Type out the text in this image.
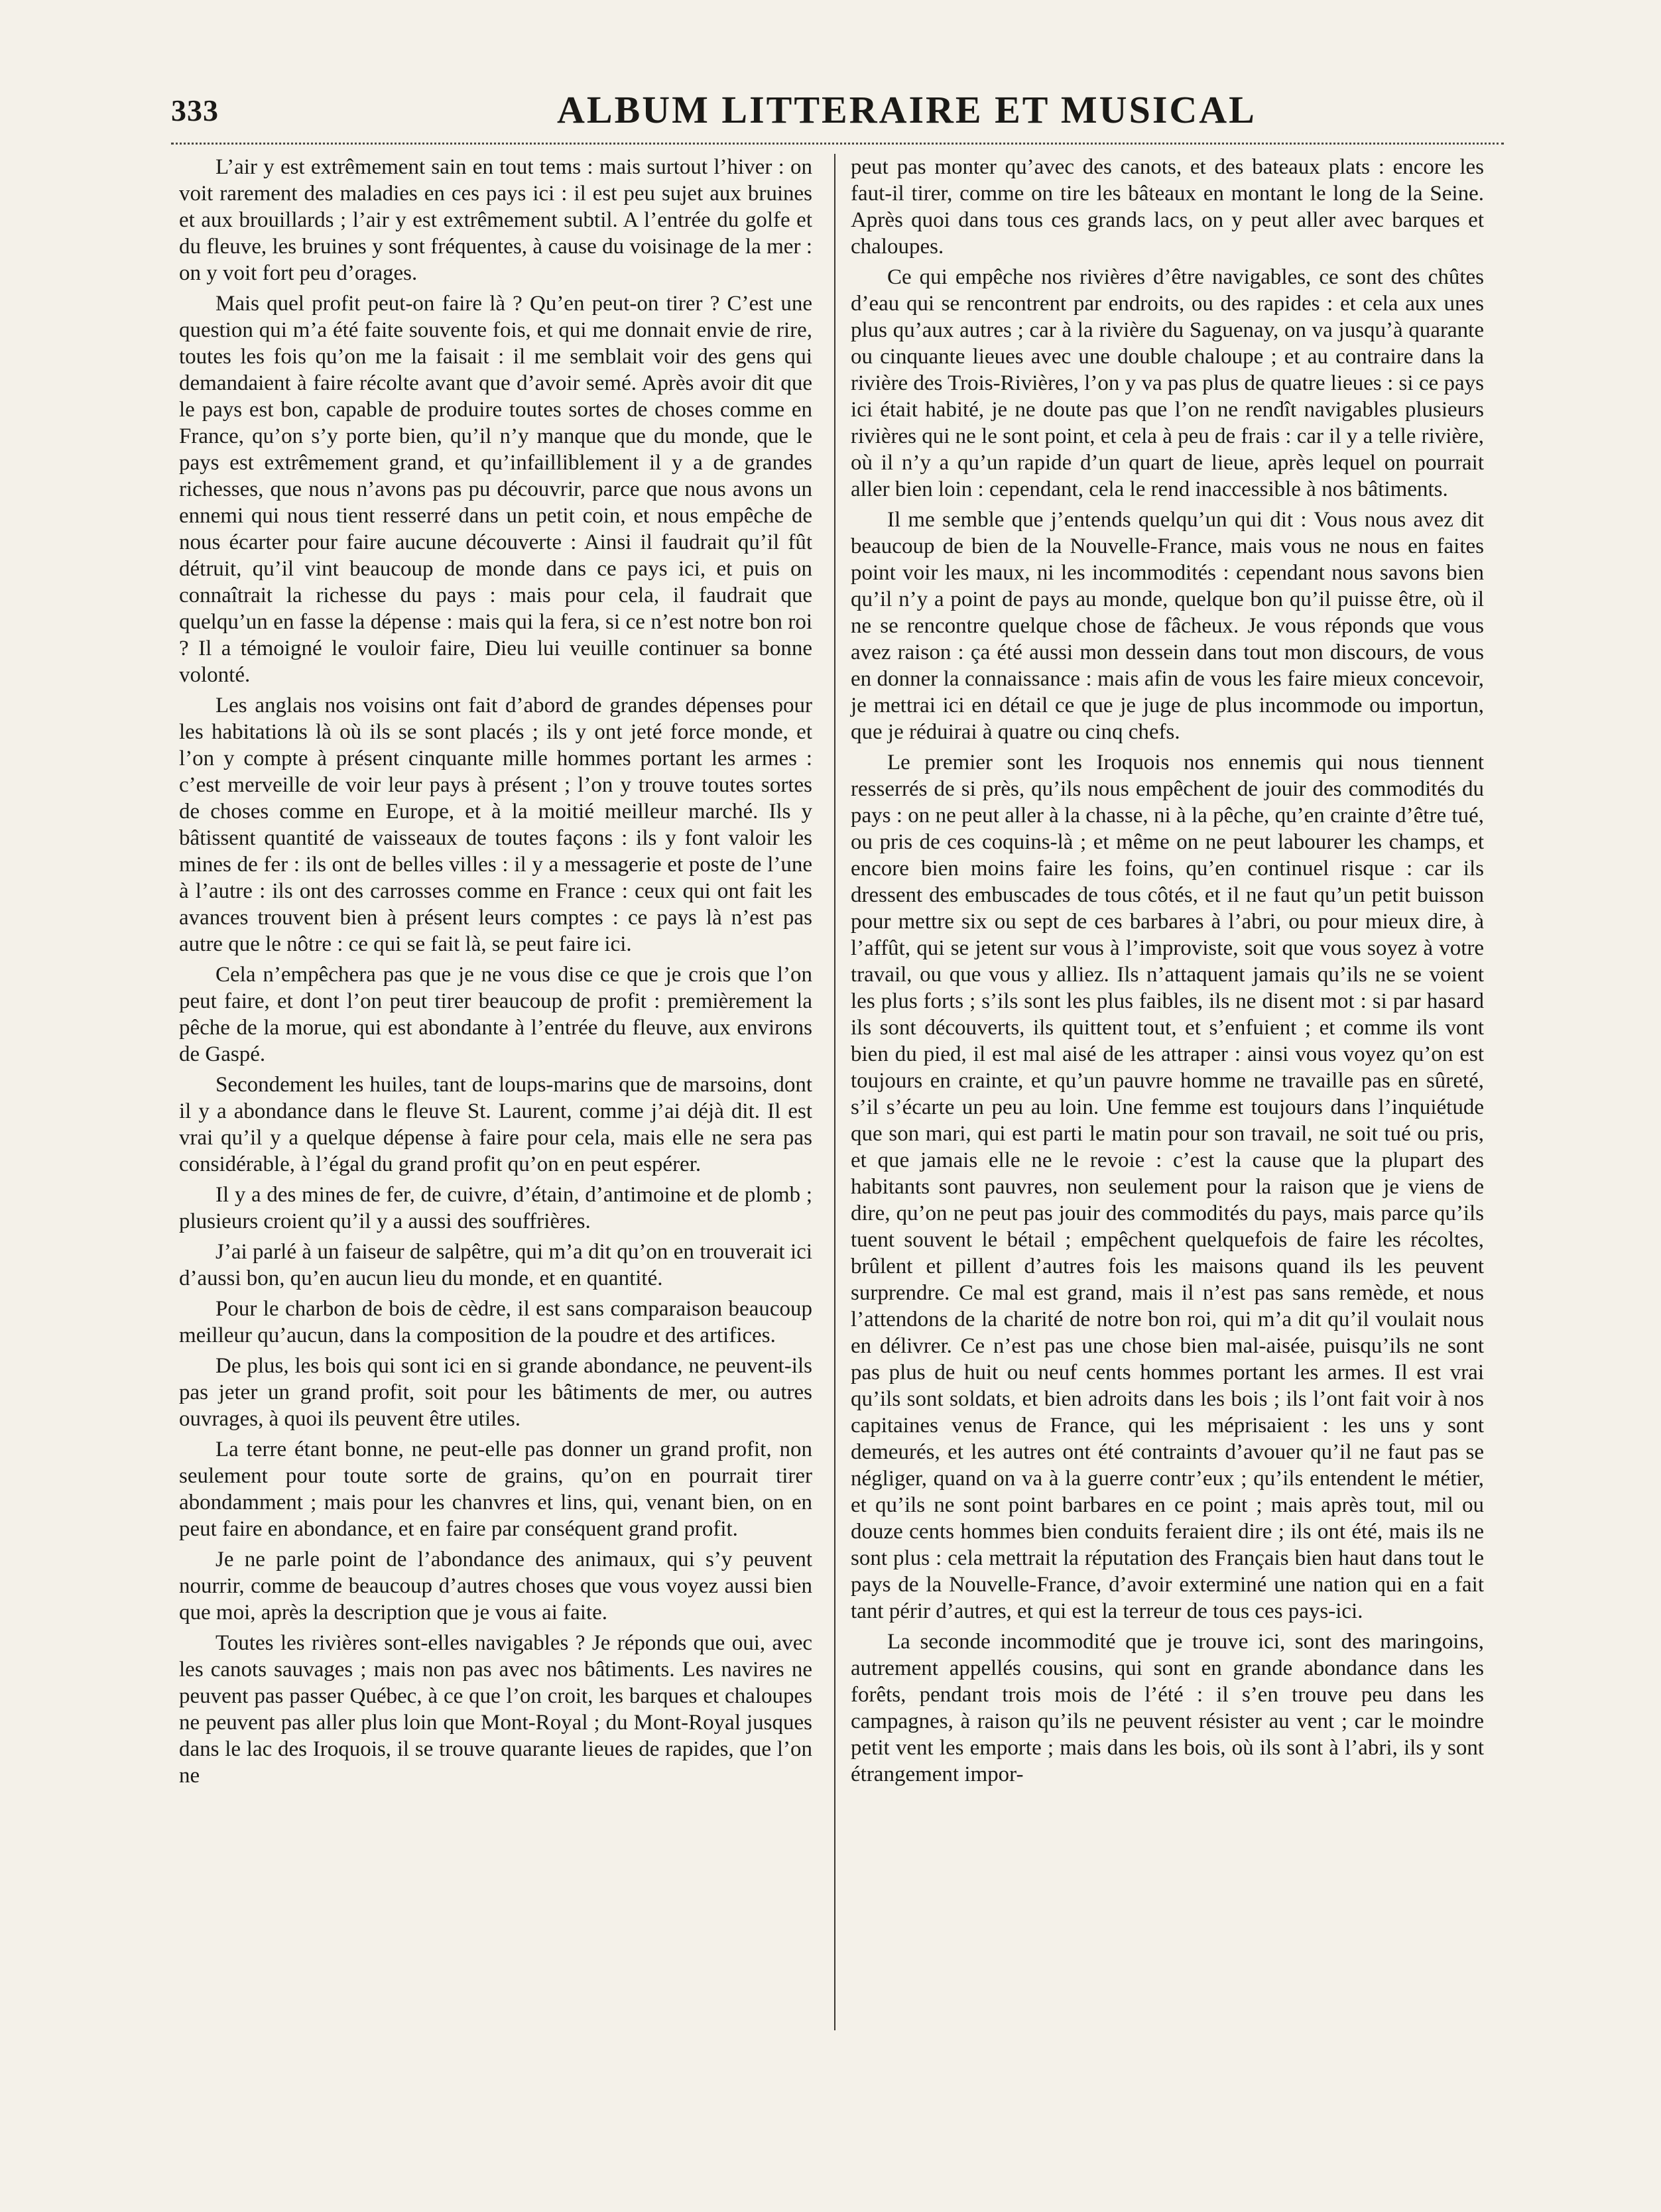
333	ALBUM LITTERAIRE ET MUSICAL

L’air y est extrêmement sain en tout tems : mais surtout l’hiver : on voit rarement des maladies en ces pays ici : il est peu sujet aux bruines et aux brouillards ; l’air y est extrêmement subtil. A l’entrée du golfe et du fleuve, les bruines y sont fréquentes, à cause du voisinage de la mer : on y voit fort peu d’orages.

Mais quel profit peut-on faire là ? Qu’en peut-on tirer ? C’est une question qui m’a été faite souvente fois, et qui me donnait envie de rire, toutes les fois qu’on me la faisait : il me semblait voir des gens qui demandaient à faire récolte avant que d’avoir semé. Après avoir dit que le pays est bon, capable de produire toutes sortes de choses comme en France, qu’on s’y porte bien, qu’il n’y manque que du monde, que le pays est extrêmement grand, et qu’infailliblement il y a de grandes richesses, que nous n’avons pas pu découvrir, parce que nous avons un ennemi qui nous tient resserré dans un petit coin, et nous empêche de nous écarter pour faire aucune découverte : Ainsi il faudrait qu’il fût détruit, qu’il vint beaucoup de monde dans ce pays ici, et puis on connaîtrait la richesse du pays : mais pour cela, il faudrait que quelqu’un en fasse la dépense : mais qui la fera, si ce n’est notre bon roi ? Il a témoigné le vouloir faire, Dieu lui veuille continuer sa bonne volonté.

Les anglais nos voisins ont fait d’abord de grandes dépenses pour les habitations là où ils se sont placés ; ils y ont jeté force monde, et l’on y compte à présent cinquante mille hommes portant les armes : c’est merveille de voir leur pays à présent ; l’on y trouve toutes sortes de choses comme en Europe, et à la moitié meilleur marché. Ils y bâtissent quantité de vaisseaux de toutes façons : ils y font valoir les mines de fer : ils ont de belles villes : il y a messagerie et poste de l’une à l’autre : ils ont des carrosses comme en France : ceux qui ont fait les avances trouvent bien à présent leurs comptes : ce pays là n’est pas autre que le nôtre : ce qui se fait là, se peut faire ici.

Cela n’empêchera pas que je ne vous dise ce que je crois que l’on peut faire, et dont l’on peut tirer beaucoup de profit : premièrement la pêche de la morue, qui est abondante à l’entrée du fleuve, aux environs de Gaspé.

Secondement les huiles, tant de loups-marins que de marsoins, dont il y a abondance dans le fleuve St. Laurent, comme j’ai déjà dit. Il est vrai qu’il y a quelque dépense à faire pour cela, mais elle ne sera pas considérable, à l’égal du grand profit qu’on en peut espérer.

Il y a des mines de fer, de cuivre, d’étain, d’antimoine et de plomb ; plusieurs croient qu’il y a aussi des souffrières.

J’ai parlé à un faiseur de salpêtre, qui m’a dit qu’on en trouverait ici d’aussi bon, qu’en aucun lieu du monde, et en quantité.

Pour le charbon de bois de cèdre, il est sans comparaison beaucoup meilleur qu’aucun, dans la composition de la poudre et des artifices.

De plus, les bois qui sont ici en si grande abondance, ne peuvent-ils pas jeter un grand profit, soit pour les bâtiments de mer, ou autres ouvrages, à quoi ils peuvent être utiles.

La terre étant bonne, ne peut-elle pas donner un grand profit, non seulement pour toute sorte de grains, qu’on en pourrait tirer abondamment ; mais pour les chanvres et lins, qui, venant bien, on en peut faire en abondance, et en faire par conséquent grand profit.

Je ne parle point de l’abondance des animaux, qui s’y peuvent nourrir, comme de beaucoup d’autres choses que vous voyez aussi bien que moi, après la description que je vous ai faite.

Toutes les rivières sont-elles navigables ? Je réponds que oui, avec les canots sauvages ; mais non pas avec nos bâtiments. Les navires ne peuvent pas passer Québec, à ce que l’on croit, les barques et chaloupes ne peuvent pas aller plus loin que Mont-Royal ; du Mont-Royal jusques dans le lac des Iroquois, il se trouve quarante lieues de rapides, que l’on ne

peut pas monter qu’avec des canots, et des bateaux plats : encore les faut-il tirer, comme on tire les bâteaux en montant le long de la Seine. Après quoi dans tous ces grands lacs, on y peut aller avec barques et chaloupes.

Ce qui empêche nos rivières d’être navigables, ce sont des chûtes d’eau qui se rencontrent par endroits, ou des rapides : et cela aux unes plus qu’aux autres ; car à la rivière du Saguenay, on va jusqu’à quarante ou cinquante lieues avec une double chaloupe ; et au contraire dans la rivière des Trois-Rivières, l’on y va pas plus de quatre lieues : si ce pays ici était habité, je ne doute pas que l’on ne rendît navigables plusieurs rivières qui ne le sont point, et cela à peu de frais : car il y a telle rivière, où il n’y a qu’un rapide d’un quart de lieue, après lequel on pourrait aller bien loin : cependant, cela le rend inaccessible à nos bâtiments.

Il me semble que j’entends quelqu’un qui dit : Vous nous avez dit beaucoup de bien de la Nouvelle-France, mais vous ne nous en faites point voir les maux, ni les incommodités : cependant nous savons bien qu’il n’y a point de pays au monde, quelque bon qu’il puisse être, où il ne se rencontre quelque chose de fâcheux. Je vous réponds que vous avez raison : ça été aussi mon dessein dans tout mon discours, de vous en donner la connaissance : mais afin de vous les faire mieux concevoir, je mettrai ici en détail ce que je juge de plus incommode ou importun, que je réduirai à quatre ou cinq chefs.

Le premier sont les Iroquois nos ennemis qui nous tiennent resserrés de si près, qu’ils nous empêchent de jouir des commodités du pays : on ne peut aller à la chasse, ni à la pêche, qu’en crainte d’être tué, ou pris de ces coquins-là ; et même on ne peut labourer les champs, et encore bien moins faire les foins, qu’en continuel risque : car ils dressent des embuscades de tous côtés, et il ne faut qu’un petit buisson pour mettre six ou sept de ces barbares à l’abri, ou pour mieux dire, à l’affût, qui se jetent sur vous à l’improviste, soit que vous soyez à votre travail, ou que vous y alliez. Ils n’attaquent jamais qu’ils ne se voient les plus forts ; s’ils sont les plus faibles, ils ne disent mot : si par hasard ils sont découverts, ils quittent tout, et s’enfuient ; et comme ils vont bien du pied, il est mal aisé de les attraper : ainsi vous voyez qu’on est toujours en crainte, et qu’un pauvre homme ne travaille pas en sûreté, s’il s’écarte un peu au loin. Une femme est toujours dans l’inquiétude que son mari, qui est parti le matin pour son travail, ne soit tué ou pris, et que jamais elle ne le revoie : c’est la cause que la plupart des habitants sont pauvres, non seulement pour la raison que je viens de dire, qu’on ne peut pas jouir des commodités du pays, mais parce qu’ils tuent souvent le bétail ; empêchent quelquefois de faire les récoltes, brûlent et pillent d’autres fois les maisons quand ils les peuvent surprendre. Ce mal est grand, mais il n’est pas sans remède, et nous l’attendons de la charité de notre bon roi, qui m’a dit qu’il voulait nous en délivrer. Ce n’est pas une chose bien mal-aisée, puisqu’ils ne sont pas plus de huit ou neuf cents hommes portant les armes. Il est vrai qu’ils sont soldats, et bien adroits dans les bois ; ils l’ont fait voir à nos capitaines venus de France, qui les méprisaient : les uns y sont demeurés, et les autres ont été contraints d’avouer qu’il ne faut pas se négliger, quand on va à la guerre contr’eux ; qu’ils entendent le métier, et qu’ils ne sont point barbares en ce point ; mais après tout, mil ou douze cents hommes bien conduits feraient dire ; ils ont été, mais ils ne sont plus : cela mettrait la réputation des Français bien haut dans tout le pays de la Nouvelle-France, d’avoir exterminé une nation qui en a fait tant périr d’autres, et qui est la terreur de tous ces pays-ici.

La seconde incommodité que je trouve ici, sont des maringoins, autrement appellés cousins, qui sont en grande abondance dans les forêts, pendant trois mois de l’été : il s’en trouve peu dans les campagnes, à raison qu’ils ne peuvent résister au vent ; car le moindre petit vent les emporte ; mais dans les bois, où ils sont à l’abri, ils y sont étrangement impor-
